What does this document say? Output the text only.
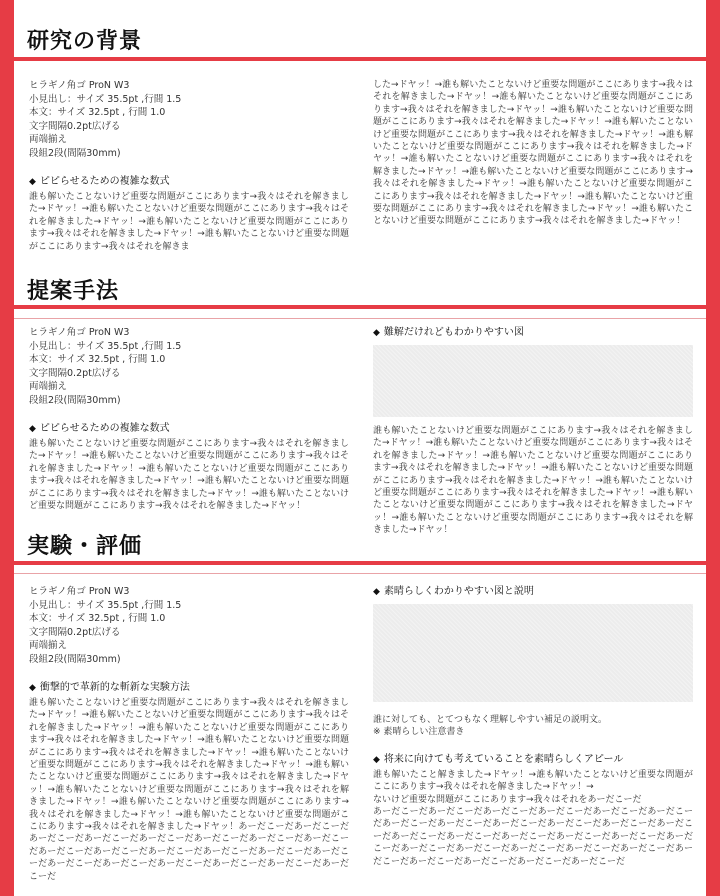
研究の背景

ヒラギノ角ゴ ProN W3

小見出し：サイズ 35.5pt ,行間 1.5

本文：サイズ 32.5pt , 行間 1.0

文字間隔0.2pt広げる

両端揃え

段組2段(間隔30mm)

◆ ピピらせるための複雑な数式

誰も解いたことないけど重要な問題がここにあります→我々はそれを解きました→ドヤッ！→誰も解いたことないけど重要な問題がここにあります→我々はそれを解きました→ドヤッ！→誰も解いたことないけど重要な問題がここにあります→我々はそれを解きました→ドヤッ！→誰も解いたことないけど重要な問題がここにあります→我々はそれを解きま

した→ドヤッ！→誰も解いたことないけど重要な問題がここにあります→我々はそれを解きました→ドヤッ！→誰も解いたことないけど重要な問題がここにあります→我々はそれを解きました→ドヤッ！→誰も解いたことないけど重要な問題がここにあります→我々はそれを解きました→ドヤッ！→誰も解いたことないけど重要な問題がここにあります→我々はそれを解きました→ドヤッ！→誰も解いたことないけど重要な問題がここにあります→我々はそれを解きました→ドヤッ！→誰も解いたことないけど重要な問題がここにあります→我々はそれを解きました→ドヤッ！→誰も解いたことないけど重要な問題がここにあります→我々はそれを解きました→ドヤッ！→誰も解いたことないけど重要な問題がここにあります→我々はそれを解きました→ドヤッ！→誰も解いたことないけど重要な問題がここにあります→我々はそれを解きました→ドヤッ！→誰も解いたことないけど重要な問題がここにあります→我々はそれを解きました→ドヤッ！

提案手法

ヒラギノ角ゴ ProN W3

小見出し：サイズ 35.5pt ,行間 1.5

本文：サイズ 32.5pt , 行間 1.0

文字間隔0.2pt広げる

両端揃え

段組2段(間隔30mm)

◆ ピピらせるための複雑な数式

誰も解いたことないけど重要な問題がここにあります→我々はそれを解きました→ドヤッ！→誰も解いたことないけど重要な問題がここにあります→我々はそれを解きました→ドヤッ！→誰も解いたことないけど重要な問題がここにあります→我々はそれを解きました→ドヤッ！→誰も解いたことないけど重要な問題がここにあります→我々はそれを解きました→ドヤッ！→誰も解いたことないけど重要な問題がここにあります→我々はそれを解きました→ドヤッ！

◆ 難解だけれどもわかりやすい図

誰も解いたことないけど重要な問題がここにあります→我々はそれを解きました→ドヤッ！→誰も解いたことないけど重要な問題がここにあります→我々はそれを解きました→ドヤッ！→誰も解いたことないけど重要な問題がここにあります→我々はそれを解きました→ドヤッ！→誰も解いたことないけど重要な問題がここにあります→我々はそれを解きました→ドヤッ！→誰も解いたことないけど重要な問題がここにあります→我々はそれを解きました→ドヤッ！→誰も解いたことないけど重要な問題がここにあります→我々はそれを解きました→ドヤッ！→誰も解いたことないけど重要な問題がここにあります→我々はそれを解きました→ドヤッ！

実験・評価

ヒラギノ角ゴ ProN W3

小見出し：サイズ 35.5pt ,行間 1.5

本文：サイズ 32.5pt , 行間 1.0

文字間隔0.2pt広げる

両端揃え

段組2段(間隔30mm)

◆ 衝撃的で革新的な斬新な実験方法

誰も解いたことないけど重要な問題がここにあります→我々はそれを解きました→ドヤッ！→誰も解いたことないけど重要な問題がここにあります→我々はそれを解きました→ドヤッ！→誰も解いたことないけど重要な問題がここにあります→我々はそれを解きました→ドヤッ！→誰も解いたことないけど重要な問題がここにあります→我々はそれを解きました→ドヤッ！→誰も解いたことないけど重要な問題がここにあります→我々はそれを解きました→ドヤッ！→誰も解いたことないけど重要な問題がここにあります→我々はそれを解きました→ドヤッ！→誰も解いたことないけど重要な問題がここにあります→我々はそれを解きました→ドヤッ！→誰も解いたことないけど重要な問題がここにあります→我々はそれを解きました→ドヤッ！→誰も解いたことないけど重要な問題がここにあります→我々はそれを解きました→ドヤッ！あーだこーだあーだこーだあーだこーだあーだこーだあーだこーだあーだこーだあーだこーだあーだこーだあーだこーだあーだこーだあーだこーだあーだこーだあーだこーだあーだこーだあーだこーだあーだこーだあーだこーだあーだこーだあーだこーだあーだこーだ

◆ 素晴らしくわかりやすい図と説明

誰に対しても、とてつもなく理解しやすい補足の説明文。

※ 素晴らしい注意書き

◆ 将来に向けても考えていることを素晴らしくアピール

誰も解いたこと解きました→ドヤッ！→誰も解いたことないけど重要な問題がここにあります→我々はそれを解きました→ドヤッ！→

ないけど重要な問題がここにあります→我々はそれをあーだこーだ

あーだこーだあーだこーだあーだこーだあーだこーだあーだこーだあーだこーだあーだこーだあーだこーだあーだこーだあーだこーだあーだこーだあーだこーだあーだこーだあーだこーだあーだこーだあーだこーだあーだこーだあーだこーだあーだこーだあーだこーだあーだこーだあーだこーだあーだこーだあーだこーだあーだこーだあーだこーだあーだこーだあーだこーだ
